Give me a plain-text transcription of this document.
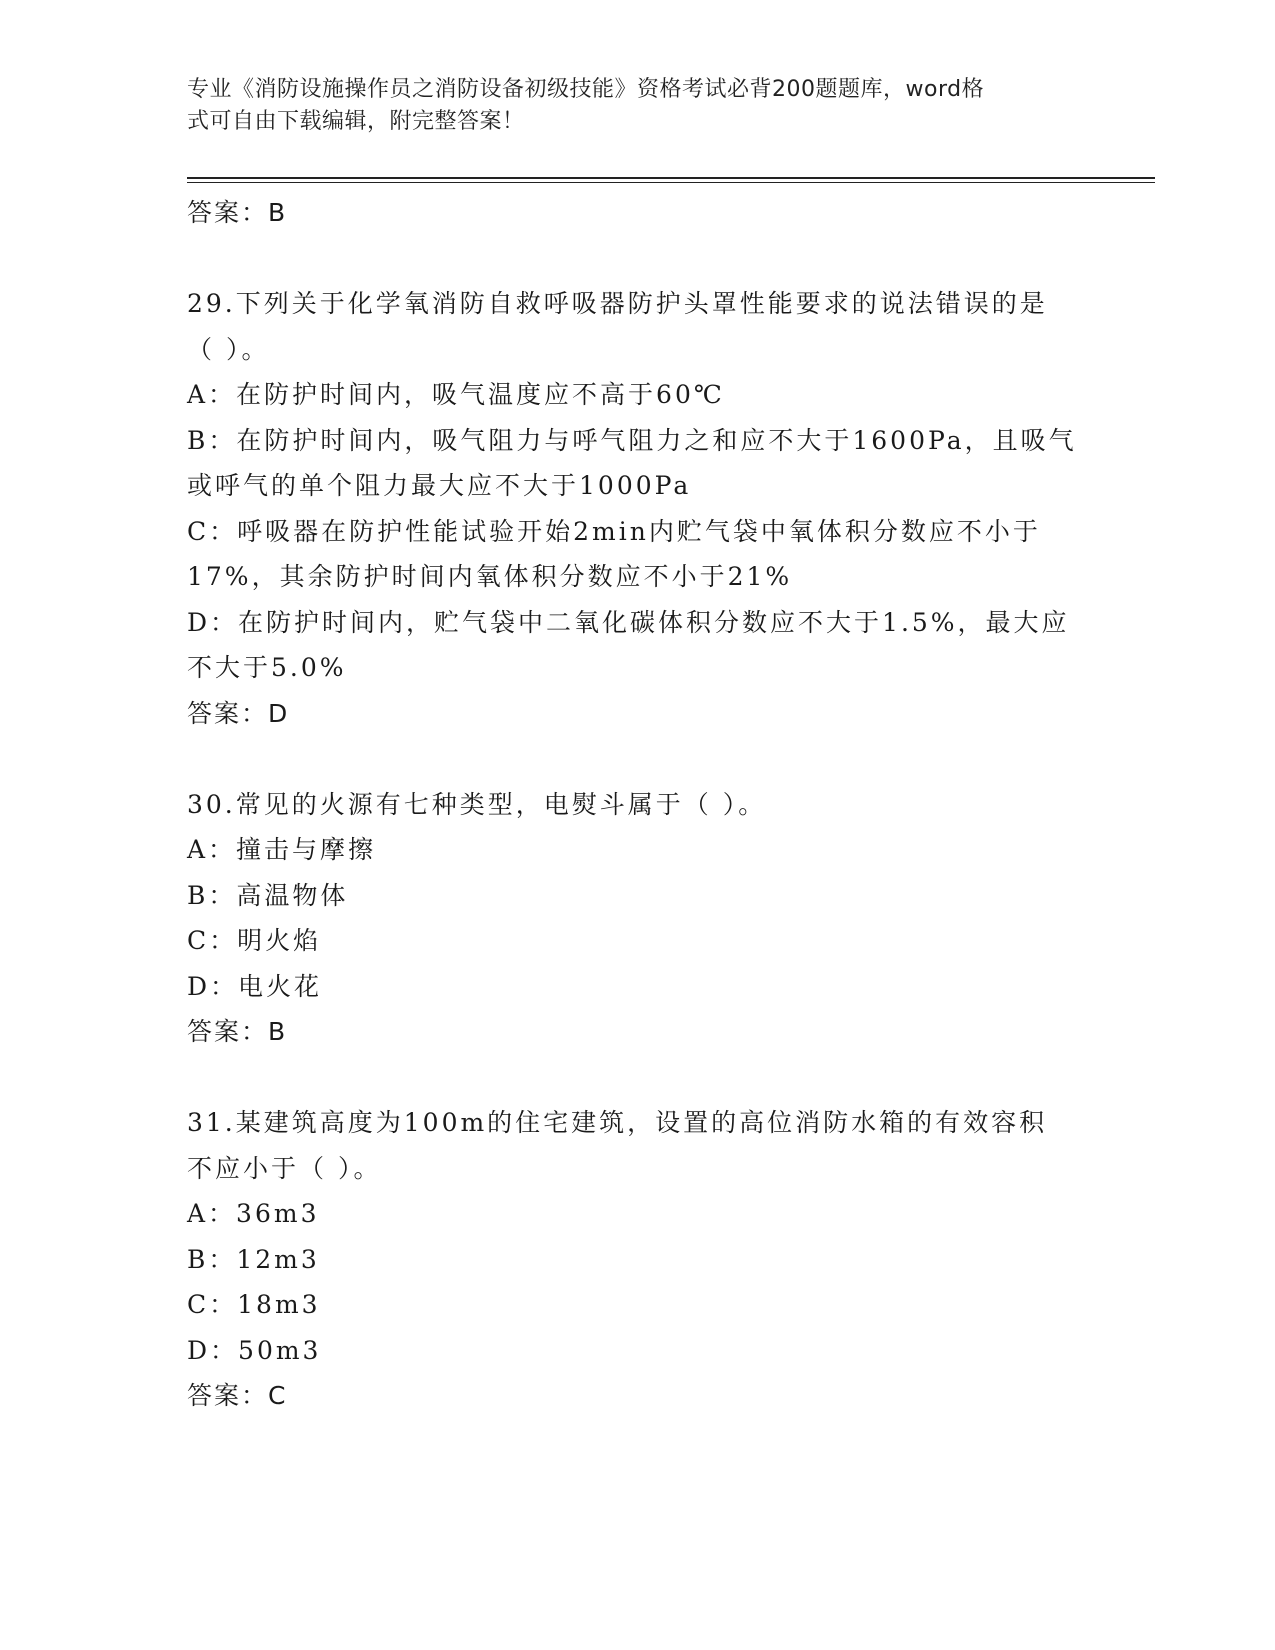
专业《消防设施操作员之消防设备初级技能》资格考试必背200题题库，word格
式可自由下载编辑，附完整答案！
答案：B
29.下列关于化学氧消防自救呼吸器防护头罩性能要求的说法错误的是
（ ）。
A：在防护时间内，吸气温度应不高于60℃
B：在防护时间内，吸气阻力与呼气阻力之和应不大于1600Pa，且吸气
或呼气的单个阻力最大应不大于1000Pa
C：呼吸器在防护性能试验开始2min内贮气袋中氧体积分数应不小于
17%，其余防护时间内氧体积分数应不小于21%
D：在防护时间内，贮气袋中二氧化碳体积分数应不大于1.5%，最大应
不大于5.0%
答案：D
30.常见的火源有七种类型，电熨斗属于（ ）。
A：撞击与摩擦
B：高温物体
C：明火焰
D：电火花
答案：B
31.某建筑高度为100m的住宅建筑，设置的高位消防水箱的有效容积
不应小于（ ）。
A：36m3
B：12m3
C：18m3
D：50m3
答案：C
